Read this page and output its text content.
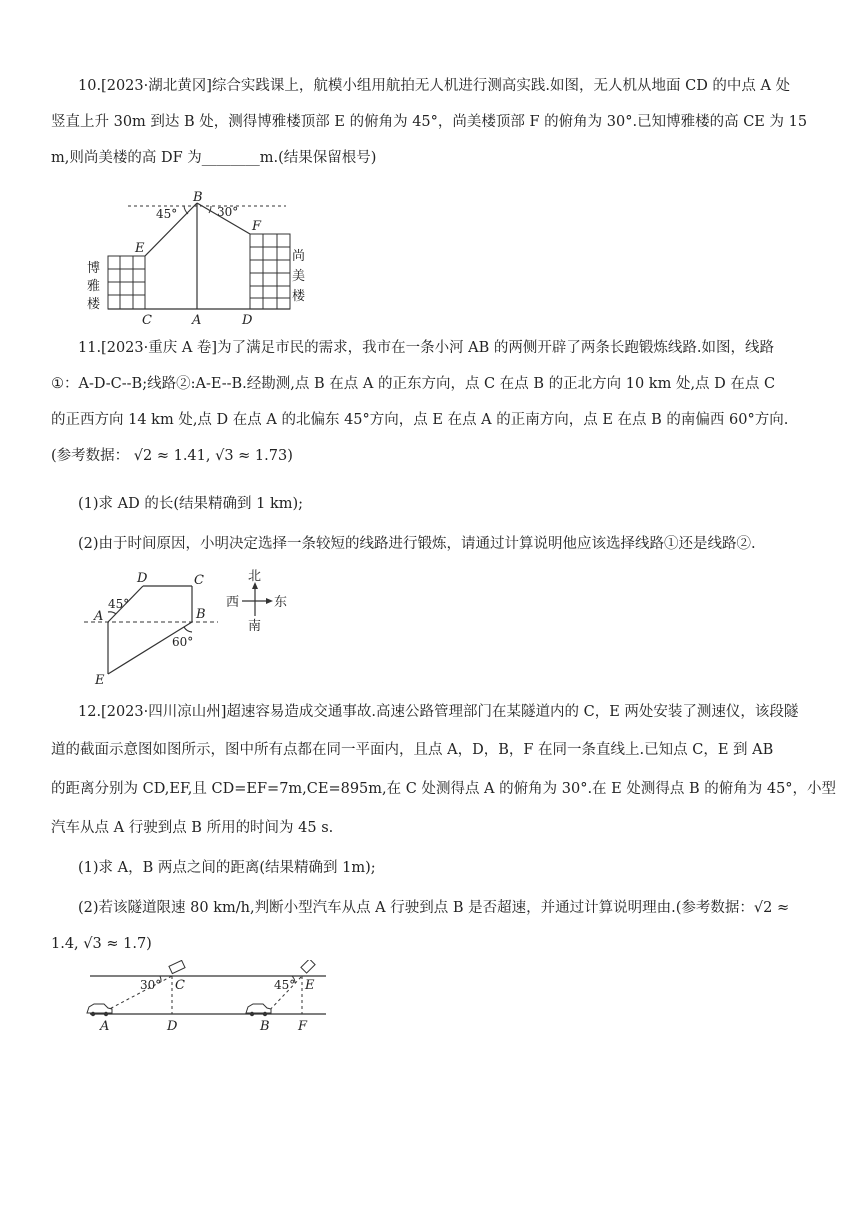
10.[2023·湖北黄冈]综合实践课上，航模小组用航拍无人机进行测高实践.如图，无人机从地面 CD 的中点 A 处
竖直上升 30m 到达 B 处，测得博雅楼顶部 E 的俯角为 45°，尚美楼顶部 F 的俯角为 30°.已知博雅楼的高 CE 为 15
m,则尚美楼的高 DF 为________m.(结果保留根号)
B
45°	30°
E
F
C	A	D
博
雅
楼
尚
美
楼
11.[2023·重庆 A 卷]为了满足市民的需求，我市在一条小河 AB 的两侧开辟了两条长跑锻炼线路.如图，线路
①：A-D-C--B;线路②:A-E--B.经勘测,点 B 在点 A 的正东方向，点 C 在点 B 的正北方向 10 km 处,点 D 在点 C
的正西方向 14 km 处,点 D 在点 A 的北偏东 45°方向，点 E 在点 A 的正南方向，点 E 在点 B 的南偏西 60°方向.
(参考数据： √2 ≈ 1.41, √3 ≈ 1.73)
(1)求 AD 的长(结果精确到 1 km);
(2)由于时间原因，小明决定选择一条较短的线路进行锻炼，请通过计算说明他应该选择线路①还是线路②.
D	C
A	B
E
45°
60°
北
南
西	东
12.[2023·四川凉山州]超速容易造成交通事故.高速公路管理部门在某隧道内的 C，E 两处安装了测速仪，该段隧
道的截面示意图如图所示，图中所有点都在同一平面内，且点 A，D，B，F 在同一条直线上.已知点 C，E 到 AB
的距离分别为 CD,EF,且 CD=EF=7m,CE=895m,在 C 处测得点 A 的俯角为 30°.在 E 处测得点 B 的俯角为 45°，小型
汽车从点 A 行驶到点 B 所用的时间为 45 s.
(1)求 A，B 两点之间的距离(结果精确到 1m);
(2)若该隧道限速 80 km/h,判断小型汽车从点 A 行驶到点 B 是否超速，并通过计算说明理由.(参考数据：√2 ≈
1.4, √3 ≈ 1.7)
30°	45°
C	E
A	D	B F
